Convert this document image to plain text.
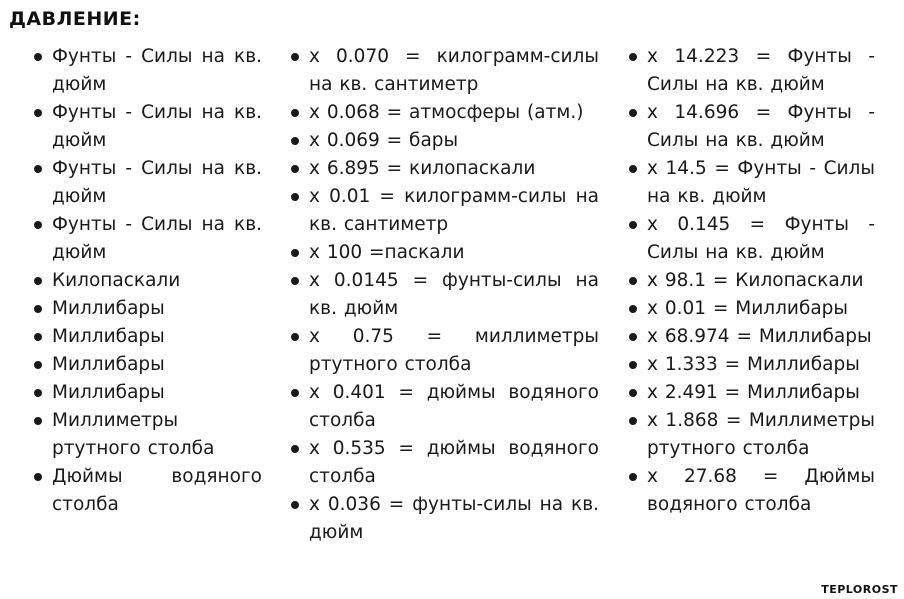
ДАВЛЕНИЕ:
Фунты - Силы на кв. дюйм
Фунты - Силы на кв. дюйм
Фунты - Силы на кв. дюйм
Фунты - Силы на кв. дюйм
Килопаскали
Миллибары
Миллибары
Миллибары
Миллибары
Миллиметры ртутного столба
Дюймы водяного столба
х 0.070 = килограмм-силы на кв. сантиметр
х 0.068 = атмосферы (атм.)
х 0.069 = бары
х 6.895 = килопаскали
х 0.01 = килограмм-силы на кв. сантиметр
х 100 =паскали
х 0.0145 = фунты-силы на кв. дюйм
х 0.75 = миллиметры ртутного столба
х 0.401 = дюймы водяного столба
х 0.535 = дюймы водяного столба
х 0.036 = фунты-силы на кв. дюйм
х 14.223 = Фунты - Силы на кв. дюйм
х 14.696 = Фунты - Силы на кв. дюйм
х 14.5 = Фунты - Силы на кв. дюйм
х 0.145 = Фунты - Силы на кв. дюйм
х 98.1 = Килопаскали
х 0.01 = Миллибары
х 68.974 = Миллибары
х 1.333 = Миллибары
х 2.491 = Миллибары
х 1.868 = Миллиметры ртутного столба
х 27.68 = Дюймы водяного столба
TEPLOROST
